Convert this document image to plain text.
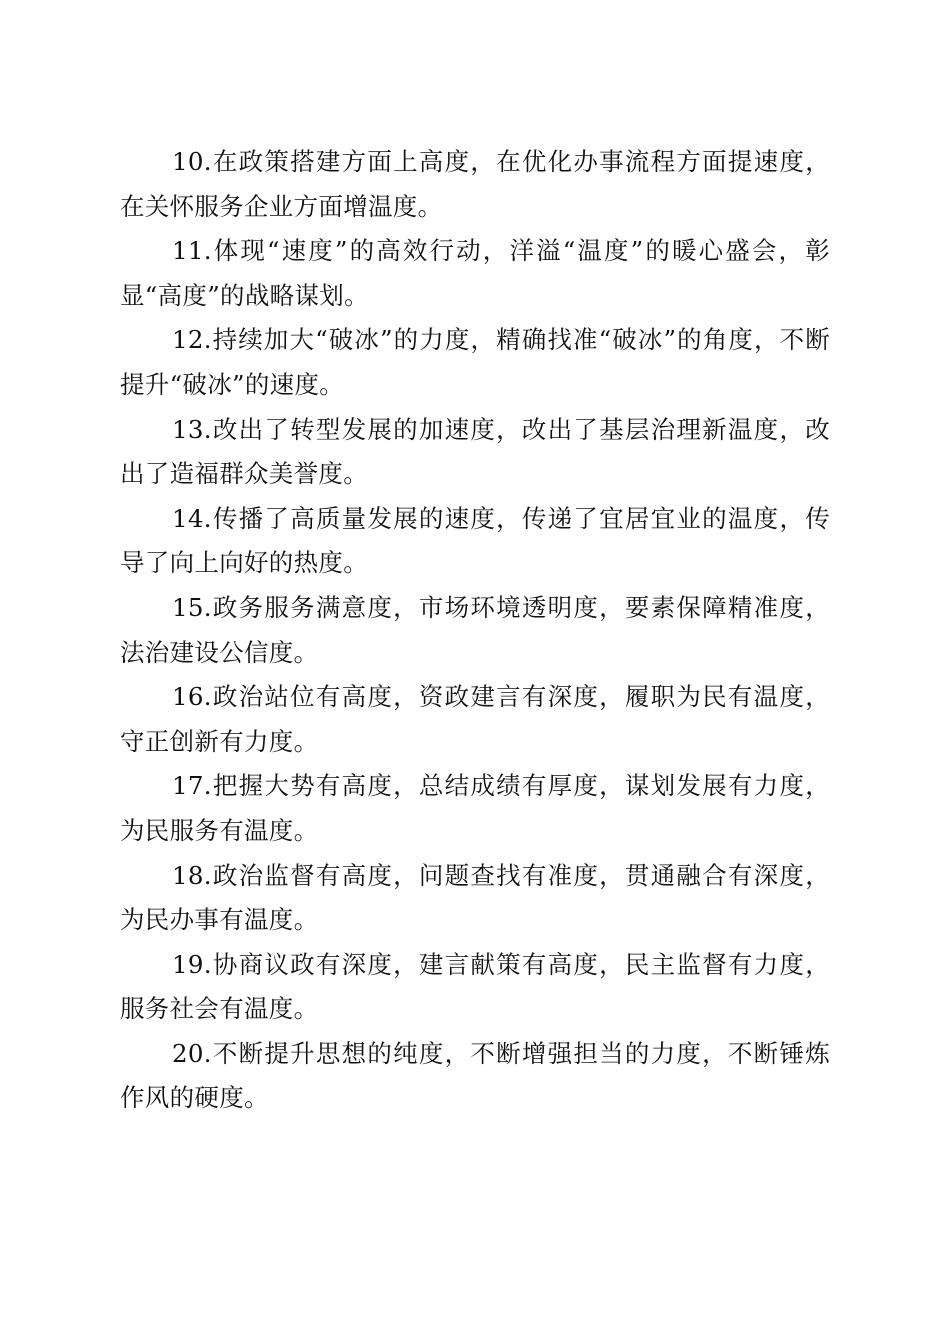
10.在政策搭建方面上高度，在优化办事流程方面提速度，在关怀服务企业方面增温度。

11.体现“速度”的高效行动，洋溢“温度”的暖心盛会，彰显“高度”的战略谋划。

12.持续加大“破冰”的力度，精确找准“破冰”的角度，不断提升“破冰”的速度。

13.改出了转型发展的加速度，改出了基层治理新温度，改出了造福群众美誉度。

14.传播了高质量发展的速度，传递了宜居宜业的温度，传导了向上向好的热度。

15.政务服务满意度，市场环境透明度，要素保障精准度，法治建设公信度。

16.政治站位有高度，资政建言有深度，履职为民有温度，守正创新有力度。

17.把握大势有高度，总结成绩有厚度，谋划发展有力度，为民服务有温度。

18.政治监督有高度，问题查找有准度，贯通融合有深度，为民办事有温度。

19.协商议政有深度，建言献策有高度，民主监督有力度，服务社会有温度。

20.不断提升思想的纯度，不断增强担当的力度，不断锤炼作风的硬度。
